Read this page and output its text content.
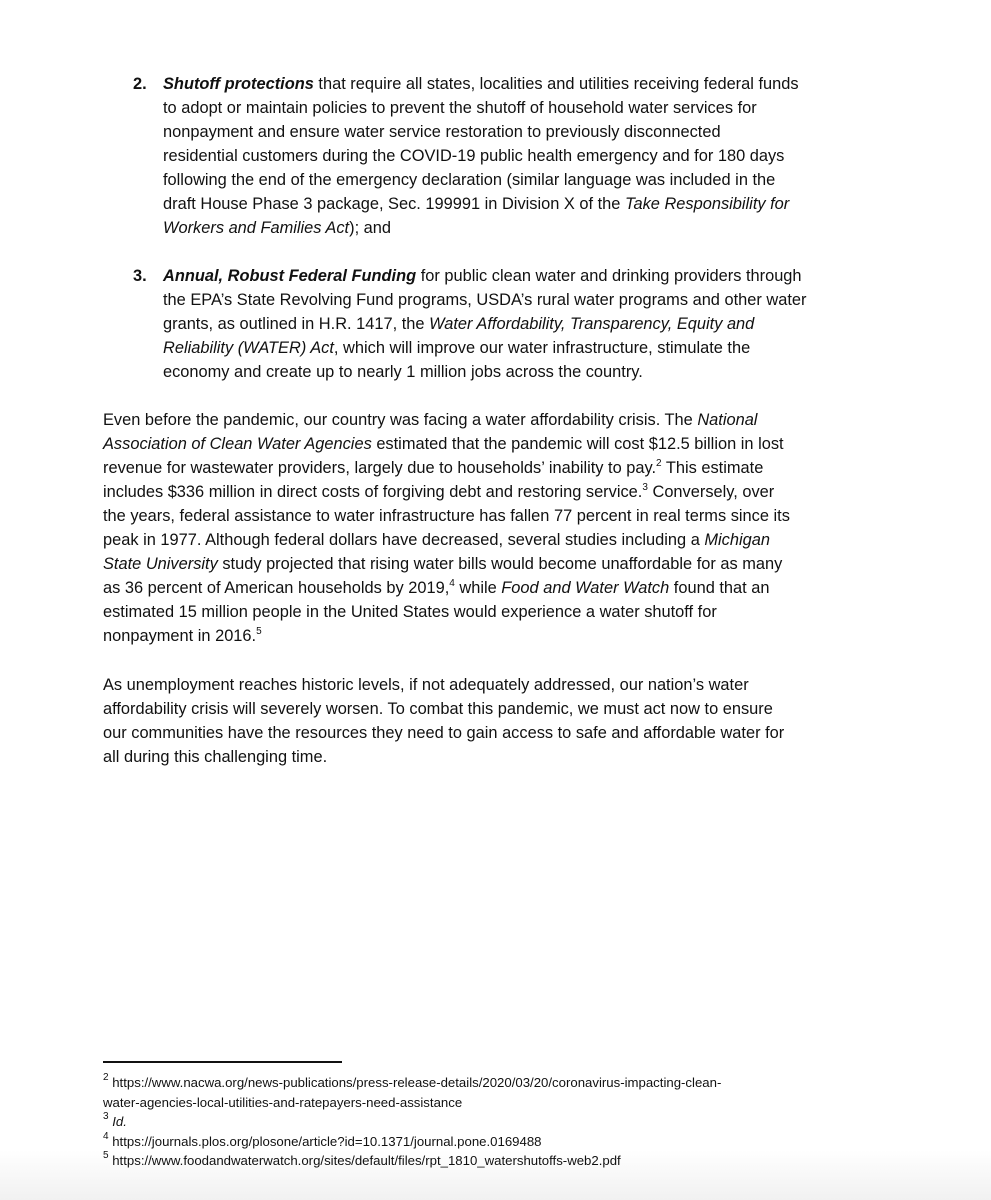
2. Shutoff protections that require all states, localities and utilities receiving federal funds
to adopt or maintain policies to prevent the shutoff of household water services for
nonpayment and ensure water service restoration to previously disconnected
residential customers during the COVID-19 public health emergency and for 180 days
following the end of the emergency declaration (similar language was included in the
draft House Phase 3 package, Sec. 199991 in Division X of the Take Responsibility for
Workers and Families Act); and
3. Annual, Robust Federal Funding for public clean water and drinking providers through
the EPA’s State Revolving Fund programs, USDA’s rural water programs and other water
grants, as outlined in H.R. 1417, the Water Affordability, Transparency, Equity and
Reliability (WATER) Act, which will improve our water infrastructure, stimulate the
economy and create up to nearly 1 million jobs across the country.
Even before the pandemic, our country was facing a water affordability crisis. The National
Association of Clean Water Agencies estimated that the pandemic will cost $12.5 billion in lost
revenue for wastewater providers, largely due to households’ inability to pay.$^2$ This estimate
includes $336 million in direct costs of forgiving debt and restoring service.$^3$ Conversely, over
the years, federal assistance to water infrastructure has fallen 77 percent in real terms since its
peak in 1977. Although federal dollars have decreased, several studies including a Michigan
State University study projected that rising water bills would become unaffordable for as many
as 36 percent of American households by 2019,$^4$ while Food and Water Watch found that an
estimated 15 million people in the United States would experience a water shutoff for
nonpayment in 2016.$^5$
As unemployment reaches historic levels, if not adequately addressed, our nation’s water
affordability crisis will severely worsen. To combat this pandemic, we must act now to ensure
our communities have the resources they need to gain access to safe and affordable water for
all during this challenging time.
$^2$ https://www.nacwa.org/news-publications/press-release-details/2020/03/20/coronavirus-impacting-clean-
water-agencies-local-utilities-and-ratepayers-need-assistance
$^3$ Id.
$^4$ https://journals.plos.org/plosone/article?id=10.1371/journal.pone.0169488
$^5$ https://www.foodandwaterwatch.org/sites/default/files/rpt_1810_watershutoffs-web2.pdf
